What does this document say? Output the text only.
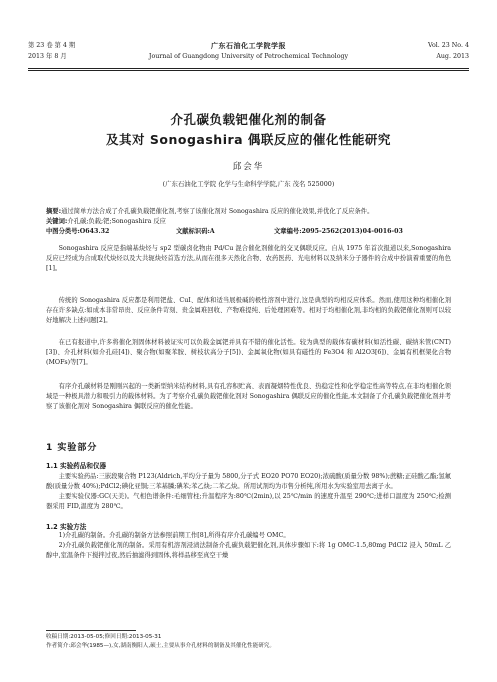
第 23 卷 第 4 期
2013 年 8 月
广东石油化工学院学报
Journal of Guangdong University of Petrochemical Technology
Vol. 23 No. 4
Aug. 2013
介孔碳负载钯催化剂的制备
及其对 Sonogashira 偶联反应的催化性能研究
邱会华
(广东石油化工学院 化学与生命科学学院,广东 茂名 525000)
摘要:通过简单方法合成了介孔碳负载钯催化剂,考察了该催化剂对 Sonogashira 反应的催化效果,并优化了反应条件。
关键词:介孔碳;负载;钯;Sonogashira 反应
中图分类号:O643.32	文献标识码:A	文章编号:2095-2562(2013)04-0016-03

Sonogashira 反应是指端基炔烃与 sp2 型碳卤化物由 Pd/Cu 混合催化剂催化的交叉偶联反应。自从 1975 年首次报道以来,Sonogashira 反应已经成为合成取代炔烃以及大共轭炔烃首选方法,从而在很多天然化合物、农药医药、光电材料以及纳米分子器件的合成中扮演着重要的角色[1]。

传统的 Sonogashira 反应都是利用钯盐、CuI、配体和适当展极碱的极性溶剂中进行,这是典型的均相反应体系。然而,使用这种均相催化剂存在许多缺点:如成本非常昂贵、反应条件苛刻、贵金属难回收、产物难提纯、后处理困难等。相对于均相催化剂,非均相的负载钯催化剂则可以较好地解决上述问题[2]。

在已有报道中,许多将催化剂固体材料被证实可以负载金属钯并具有不错的催化活性。较为典型的载体有碳材料(如活性碳、碳纳米管(CNT)[3])、介孔材料(如介孔硅[4])、聚合物(如聚苯胺、树枝状高分子[5])、金属氧化物(如具有磁性的 Fe3O4 和 Al2O3[6])、金属有机框架化合物(MOFs)等[7]。

有序介孔碳材料是刚刚兴起的一类新型纳米结构材料,具有孔容积贮高、表面凝烟特性优良、热稳定性和化学稳定性高等特点,在非均相催化领域是一种极具潜力和吸引力的载体材料。为了考察介孔碳负载钯催化剂对 Sonogashira 偶联反应的催化性能,本文制备了介孔碳负载钯催化剂并考察了该催化剂对 Sonogashira 偶联反应的催化性能。

1 实验部分
1.1 实验药品和仪器

主要实验药品:三嵌段聚合物 P123(Aldrich,平均分子量为 5800,分子式 EO20 PO70 EO20);浓硫酸(质量分数 98%);蔗糖;正硅酸乙酯;氢氟酸(质量分数 40%);PdCl2;碘化亚铜;三苯基膦;碘苯;苯乙炔;二苯乙炔。所用试剂均为市售分析纯,所用水为实验室用去离子水。

主要实验仪器:GC(天美)。气相色谱条件:毛细管柱;升温程序为:80℃(2min),以 25℃/min 的速度升温至 290℃;进样口温度为 250℃;检测器采用 FID,温度为 280℃。

1.2 实验方法

1)介孔碳的制备。介孔碳的制备方法参照前期工作[8],所得有序介孔碳编号 OMC。

2)介孔碳负载钯催化剂的制备。采用有机溶剂浸渍法制备介孔碳负载钯催化剂,具体步骤如下:将 1g OMC-1.5,80mg PdCl2 浸入 50mL 乙醇中,室温条件下搅拌过夜,然后抽滤得到固体,将样品移至真空干燥

收稿日期:2013-05-05;修回日期:2013-05-31
作者简介:邱会华(1985—),女,湖南衡阳人,硕士,主要从事介孔材料的制备及其催化性能研究。
